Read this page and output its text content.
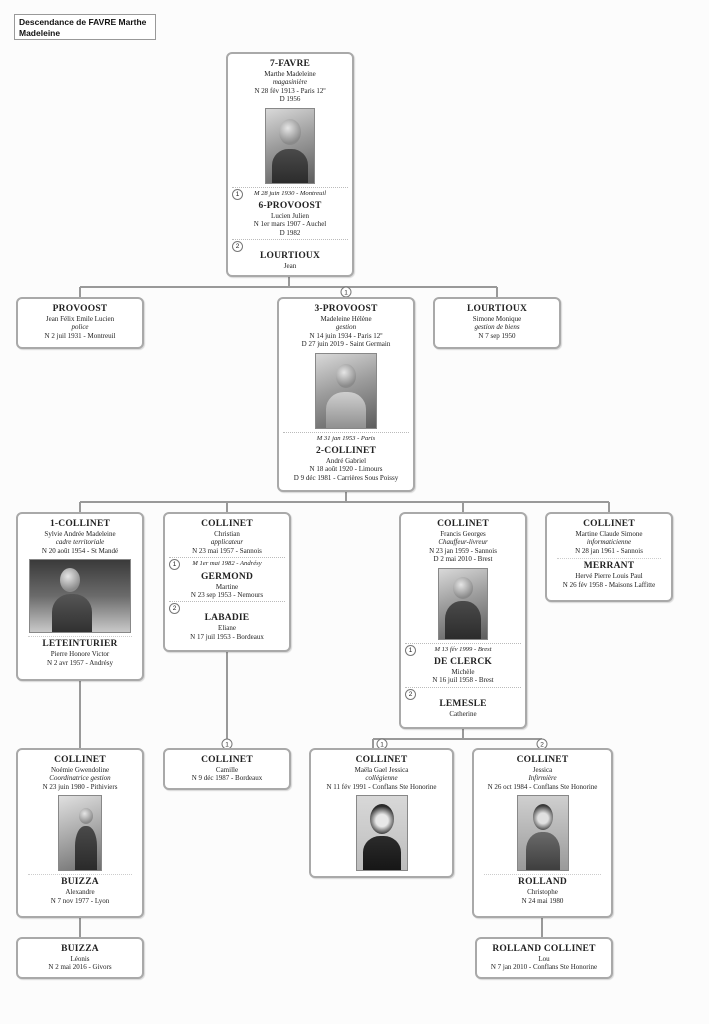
Descendance de FAVRE Marthe Madeleine
1
1	1	2
7-FAVRE
Marthe Madeleine
magasinière
N 28 fév 1913 - Paris 12º
D 1956
1	M 28 juin 1930 - Montreuil
6-PROVOOST
Lucien Julien
N 1er mars 1907 - Auchel
D 1982
2
LOURTIOUX
Jean
PROVOOST
Jean Félix Emile Lucien
police
N 2 juil 1931 - Montreuil
3-PROVOOST
Madeleine Hélène
gestion
N 14 juin 1934 - Paris 12º
D 27 juin 2019 - Saint Germain
M 31 jan 1953 - Paris
2-COLLINET
André Gabriel
N 18 août 1920 - Limours
D 9 déc 1981 - Carrières Sous Poissy
LOURTIOUX
Simone Monique
gestion de biens
N 7 sep 1950
1-COLLINET
Sylvie Andrée Madeleine
cadre territoriale
N 20 août 1954 - St Mandé
LETEINTURIER
Pierre Honore Victor
N 2 avr 1957 - Andrésy
COLLINET
Christian
applicateur
N 23 mai 1957 - Sannois
1	M 1er mai 1982 - Andrésy
GERMOND
Martine
N 23 sep 1953 - Nemours
2
LABADIE
Eliane
N 17 juil 1953 - Bordeaux
COLLINET
Francis Georges
Chauffeur-livreur
N 23 jan 1959 - Sannois
D 2 mai 2010 - Brest
1	M 13 fév 1999 - Brest
DE CLERCK
Michèle
N 16 juil 1958 - Brest
2
LEMESLE
Catherine
COLLINET
Martine Claude Simone
informaticienne
N 28 jan 1961 - Sannois
MERRANT
Hervé Pierre Louis Paul
N 26 fév 1958 - Maisons Laffitte
COLLINET
Noémie Gwendoline
Coordinatrice gestion
N 23 juin 1980 - Pithiviers
BUIZZA
Alexandre
N 7 nov 1977 - Lyon
COLLINET
Camille
N 9 déc 1987 - Bordeaux
COLLINET
Maëla Gael Jessica
collégienne
N 11 fév 1991 - Conflans Ste Honorine
COLLINET
Jessica
Infirmière
N 26 oct 1984 - Conflans Ste Honorine
ROLLAND
Christophe
N 24 mai 1980
BUIZZA
Léonis
N 2 mai 2016 - Givors
ROLLAND COLLINET
Lou
N 7 jan 2010 - Conflans Ste Honorine
